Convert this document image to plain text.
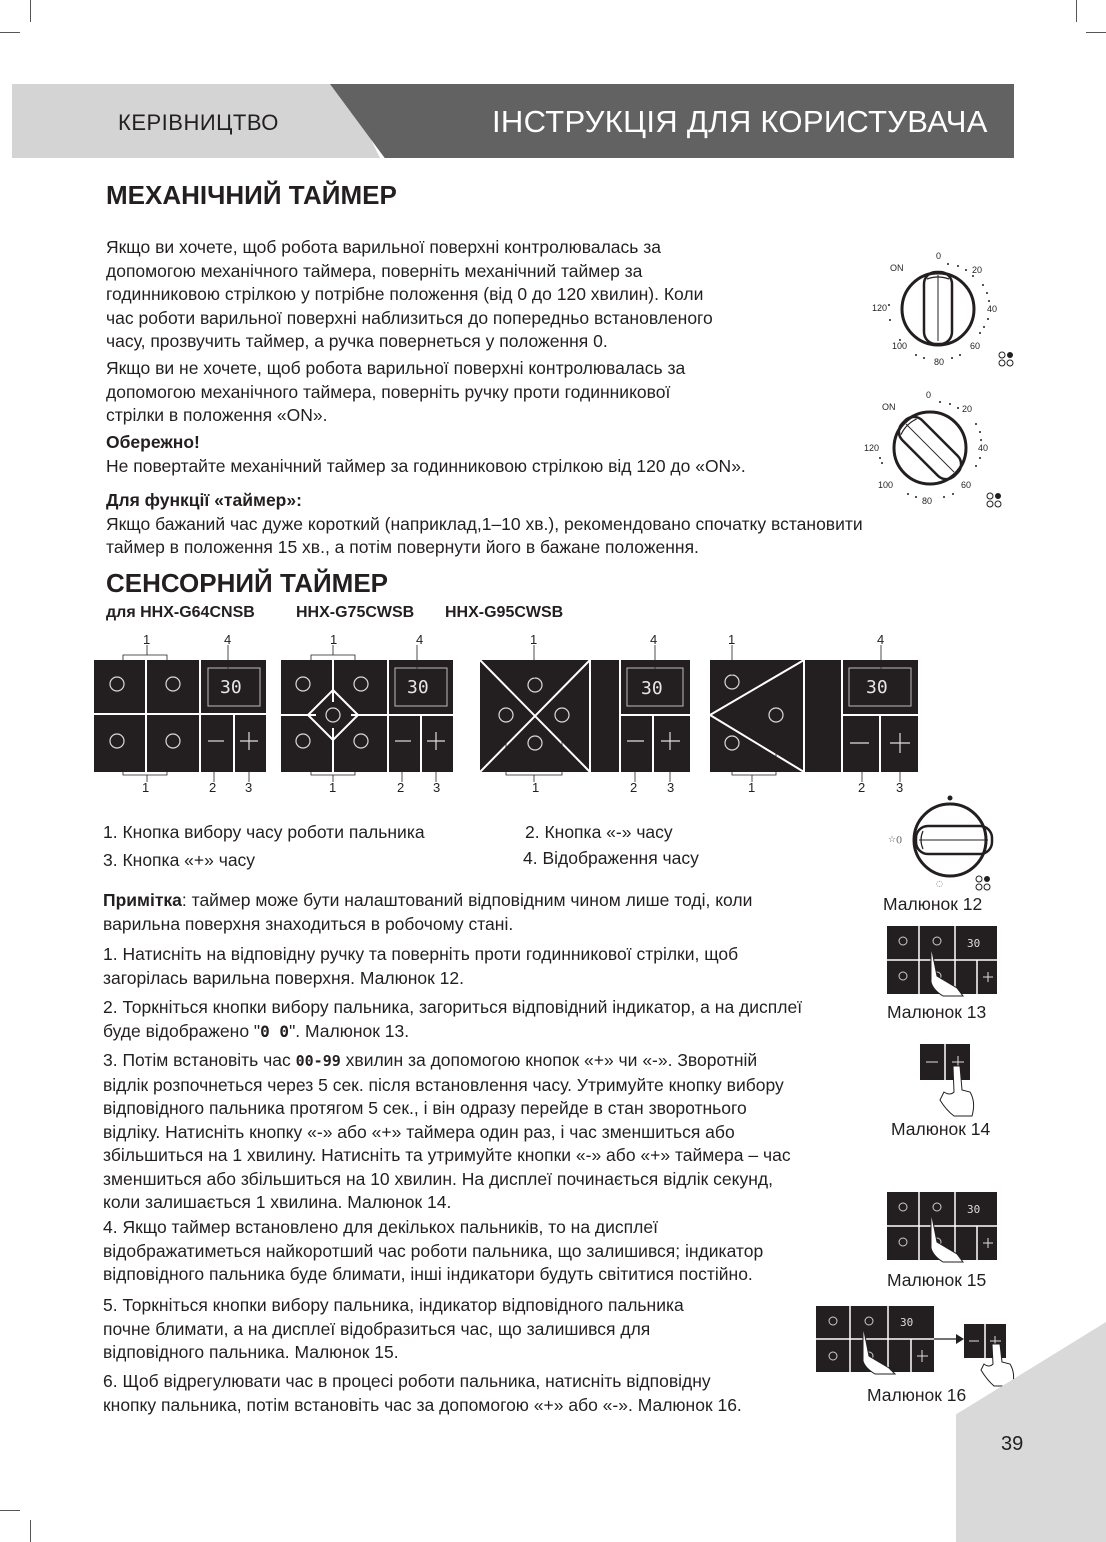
КЕРІВНИЦТВО	ІНСТРУКЦІЯ ДЛЯ КОРИСТУВАЧА
МЕХАНІЧНИЙ ТАЙМЕР

Якщо ви хочете, щоб робота варильної поверхні контролювалась за

допомогою механічного таймера, поверніть механічний таймер за

годинниковою стрілкою у потрібне положення (від 0 до 120 хвилин). Коли

час роботи варильної поверхні наблизиться до попередньо встановленого

часу, прозвучить таймер, а ручка повернеться у положення 0.

Якщо ви не хочете, щоб робота варильної поверхні контролювалась за

допомогою механічного таймера, поверніть ручку проти годинникової

стрілки в положення «ON».

Обережно!

Не повертайте механічний таймер за годинниковою стрілкою від 120 до «ON».

Для функції «таймер»:

Якщо бажаний час дуже короткий (наприклад,1–10 хв.), рекомендовано спочатку встановити

таймер в положення 15 хв., а потім повернути його в бажане положення.

ON
0
20
40
60
80
100
120
ON
0
20
40
60
80
100
120
СЕНСОРНИЙ ТАЙМЕР
для HHX-G64CNSB	HHX-G75CWSB HHX-G95CWSB
30
1	4
1	2 3
30
1	4
1	2 3
30
1	4
1	2 3
30
1	4
1	2 3
1. Кнопка вибору часу роботи пальника	2. Кнопка «-» часу
3. Кнопка «+» часу	4. Відображення часу

Примітка: таймер може бути налаштований відповідним чином лише тоді, коли

варильна поверхня знаходиться в робочому стані.

1. Натисніть на відповідну ручку та поверніть проти годинникової стрілки, щоб

загорілась варильна поверхня. Малюнок 12.

2. Торкніться кнопки вибору пальника, загориться відповідний індикатор, а на дисплеї

буде відображено "0 0". Малюнок 13.

3. Потім встановіть час 00-99 хвилин за допомогою кнопок «+» чи «-». Зворотній

відлік розпочнеться через 5 сек. після встановлення часу. Утримуйте кнопку вибору

відповідного пальника протягом 5 сек., і він одразу перейде в стан зворотнього

відліку. Натисніть кнопку «-» або «+» таймера один раз, і час зменшиться або

збільшиться на 1 хвилину. Натисніть та утримуйте кнопки «-» або «+» таймера – час

зменшиться або збільшиться на 10 хвилин. На дисплеї починається відлік секунд,

коли залишається 1 хвилина. Малюнок 14.

4. Якщо таймер встановлено для декількох пальників, то на дисплеї

відображатиметься найкоротший час роботи пальника, що залишився; індикатор

відповідного пальника буде блимати, інші індикатори будуть світитися постійно.

5. Торкніться кнопки вибору пальника, індикатор відповідного пальника

почне блимати, а на дисплеї відобразиться час, що залишився для

відповідного пальника. Малюнок 15.

6. Щоб відрегулювати час в процесі роботи пальника, натисніть відповідну

кнопку пальника, потім встановіть час за допомогою «+» або «-». Малюнок 16.

☆⦅⦆
◌
Малюнок 12
30
Малюнок 13
Малюнок 14
30
Малюнок 15
30
Малюнок 16
39
